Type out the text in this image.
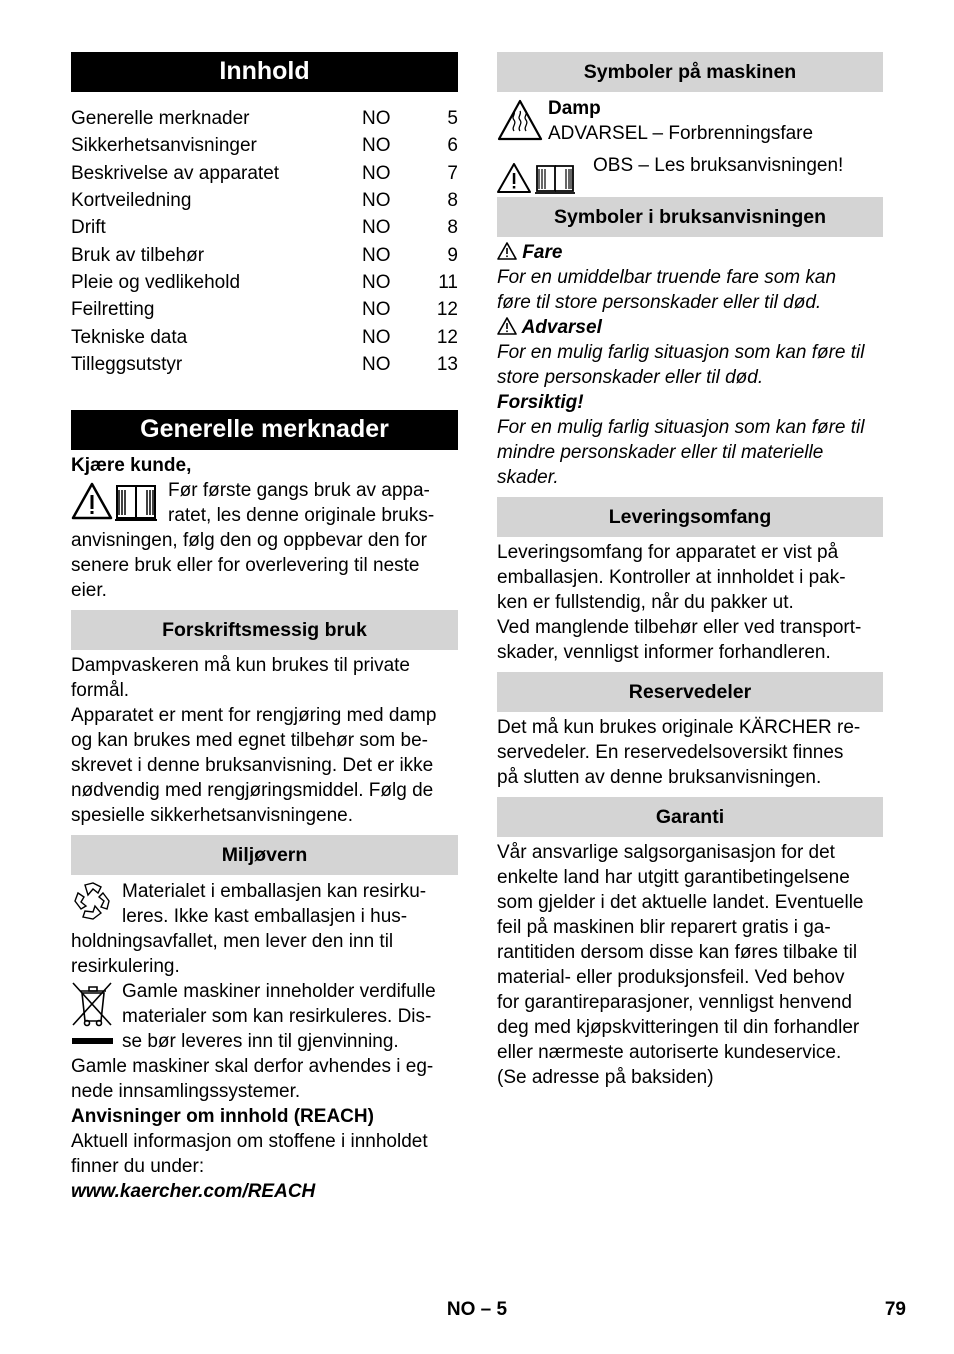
Innhold
Generelle merknader	NO	5
Sikkerhetsanvisninger	NO	6
Beskrivelse av apparatet	NO	7
Kortveiledning	NO	8
Drift	NO	8
Bruk av tilbehør	NO	9
Pleie og vedlikehold	NO	11
Feilretting	NO	12
Tekniske data	NO	12
Tilleggsutstyr	NO	13
Generelle merknader

Kjære kunde,

Før første gangs bruk av appa-

ratet, les denne originale bruks-

anvisningen, følg den og oppbevar den for

senere bruk eller for overlevering til neste

eier.

Forskriftsmessig bruk

Dampvaskeren må kun brukes til private

formål.

Apparatet er ment for rengjøring med damp

og kan brukes med egnet tilbehør som be-

skrevet i denne bruksanvisning. Det er ikke

nødvendig med rengjøringsmiddel. Følg de

spesielle sikkerhetsanvisningene.

Miljøvern

Materialet i emballasjen kan resirku-

leres. Ikke kast emballasjen i hus-

holdningsavfallet, men lever den inn til

resirkulering.

Gamle maskiner inneholder verdifulle

materialer som kan resirkuleres. Dis-

se bør leveres inn til gjenvinning.

Gamle maskiner skal derfor avhendes i eg-

nede innsamlingssystemer.

Anvisninger om innhold (REACH)

Aktuell informasjon om stoffene i innholdet

finner du under:

www.kaercher.com/REACH

Symboler på maskinen

Damp

ADVARSEL – Forbrenningsfare

OBS – Les bruksanvisningen!

Symboler i bruksanvisningen

Fare

For en umiddelbar truende fare som kan

føre til store personskader eller til død.

Advarsel

For en mulig farlig situasjon som kan føre til

store personskader eller til død.

Forsiktig!

For en mulig farlig situasjon som kan føre til

mindre personskader eller til materielle

skader.

Leveringsomfang

Leveringsomfang for apparatet er vist på

emballasjen. Kontroller at innholdet i pak-

ken er fullstendig, når du pakker ut.

Ved manglende tilbehør eller ved transport-

skader, vennligst informer forhandleren.

Reservedeler

Det må kun brukes originale KÄRCHER re-

servedeler. En reservedelsoversikt finnes

på slutten av denne bruksanvisningen.

Garanti

Vår ansvarlige salgsorganisasjon for det

enkelte land har utgitt garantibetingelsene

som gjelder i det aktuelle landet. Eventuelle

feil på maskinen blir reparert gratis i ga-

rantitiden dersom disse kan føres tilbake til

material- eller produksjonsfeil. Ved behov

for garantireparasjoner, vennligst henvend

deg med kjøpskvitteringen til din forhandler

eller nærmeste autoriserte kundeservice.

(Se adresse på baksiden)

NO – 5	79
